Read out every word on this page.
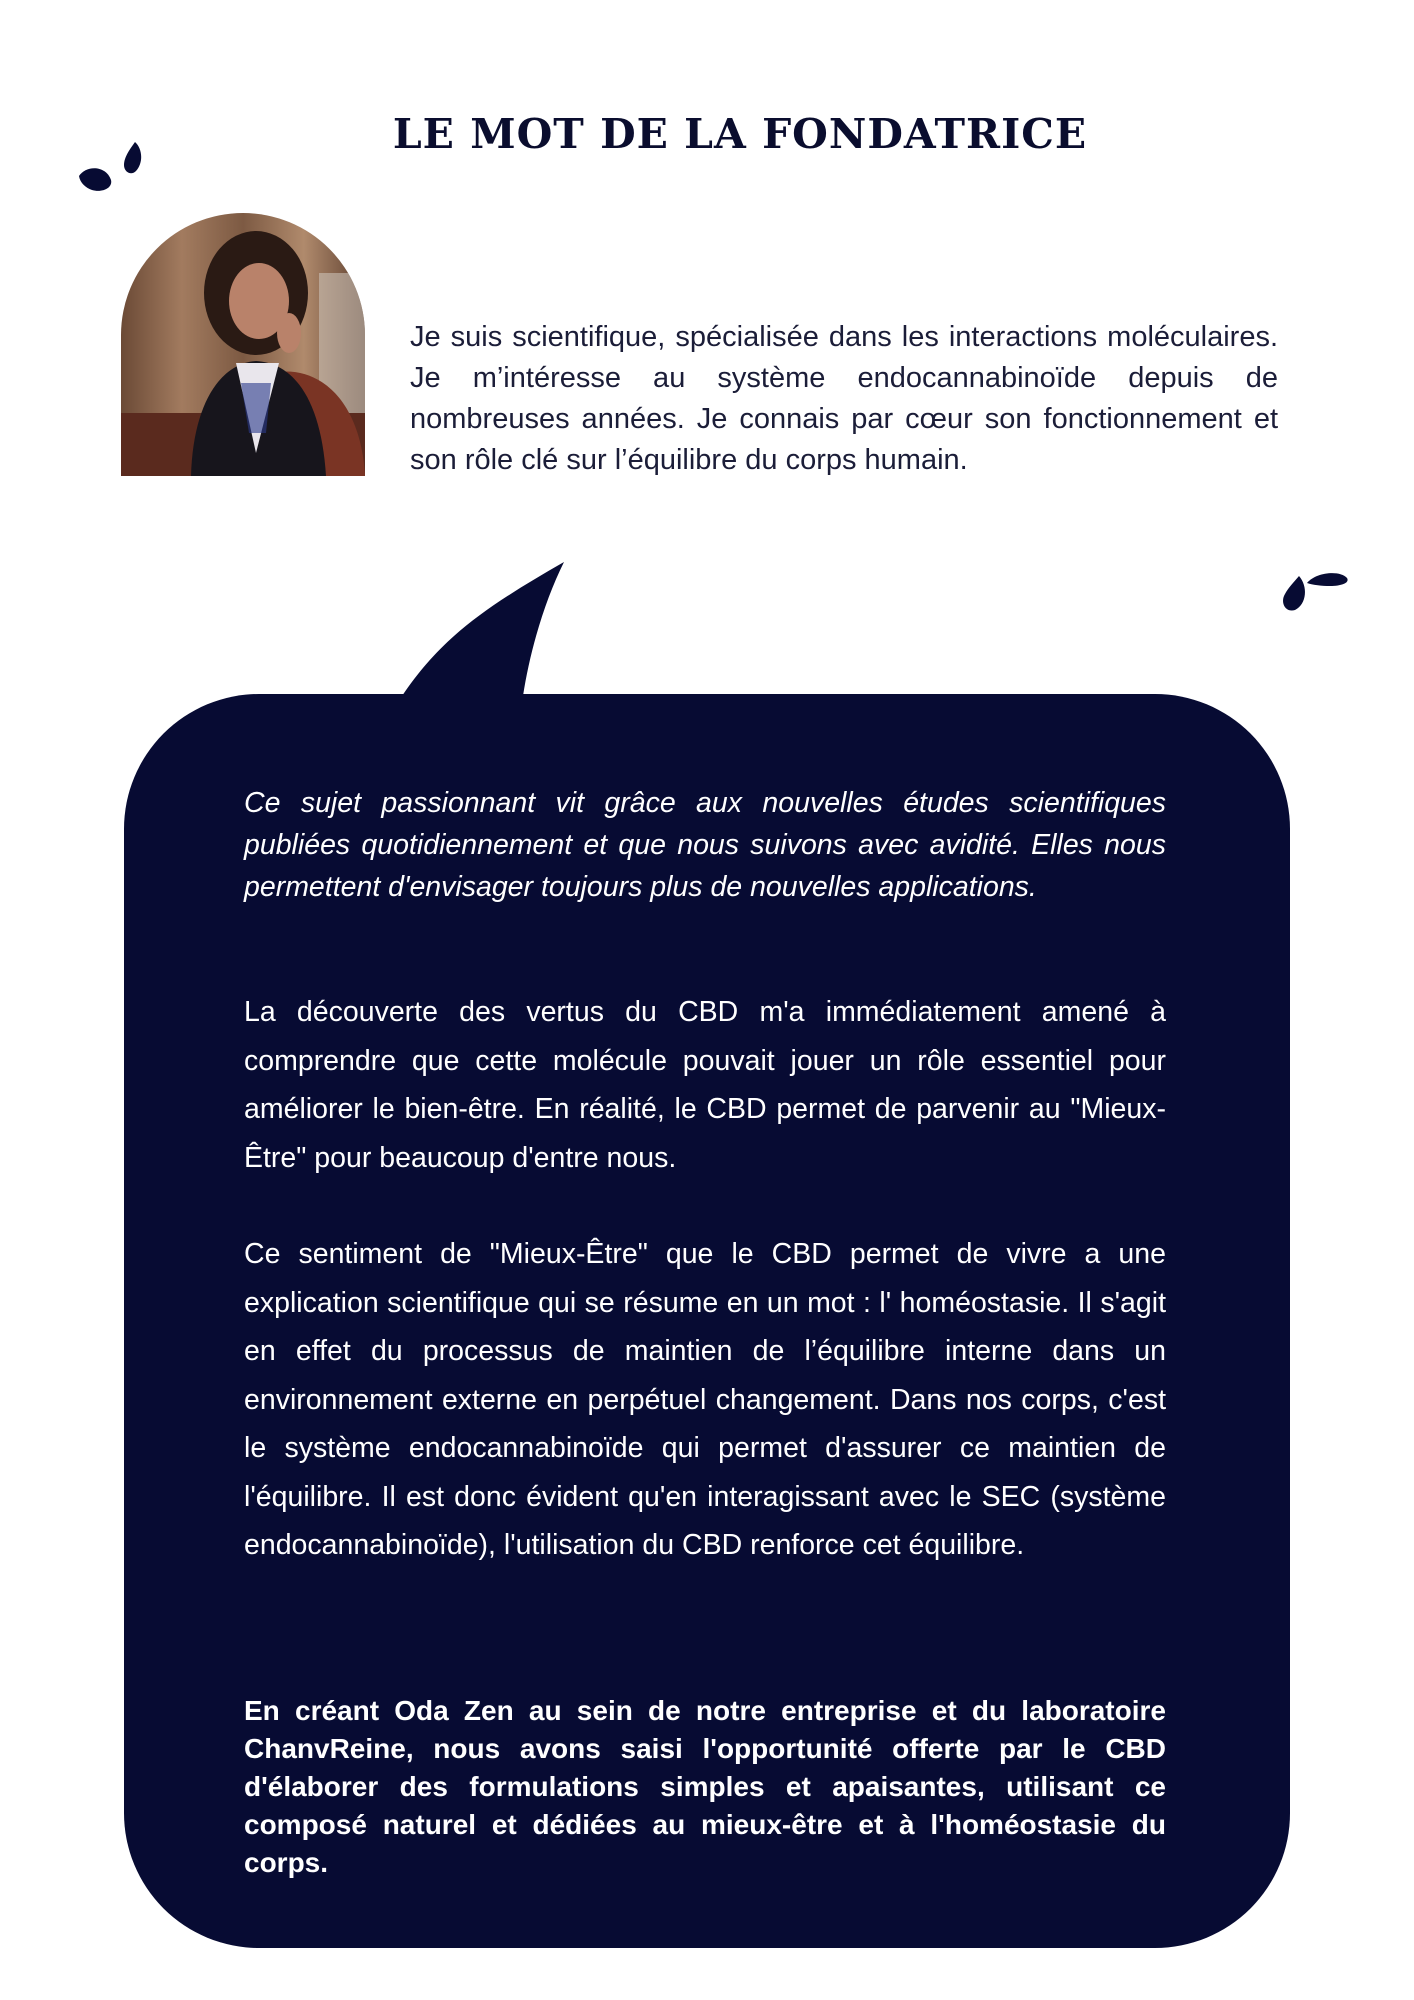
LE MOT DE LA FONDATRICE

Je suis scientifique, spécialisée dans les interactions moléculaires. Je m’intéresse au système endocannabinoïde depuis de nombreuses années. Je connais par cœur son fonctionnement et son rôle clé sur l’équilibre du corps humain.

Ce sujet passionnant vit grâce aux nouvelles études scientifiques publiées quotidiennement et que nous suivons avec avidité. Elles nous permettent d'envisager toujours plus de nouvelles applications.

La découverte des vertus du CBD m'a immédiatement amené à comprendre que cette molécule pouvait jouer un rôle essentiel pour améliorer le bien-être. En réalité, le CBD permet de parvenir au "Mieux-Être" pour beaucoup d'entre nous.

Ce sentiment de "Mieux-Être" que le CBD permet de vivre a une explication scientifique qui se résume en un mot : l' homéostasie. Il s'agit en effet du processus de maintien de l’équilibre interne dans un environnement externe en perpétuel changement. Dans nos corps, c'est le système endocannabinoïde qui permet d'assurer ce maintien de l'équilibre. Il est donc évident qu'en interagissant avec le SEC (système endocannabinoïde), l'utilisation du CBD renforce cet équilibre.

En créant Oda Zen au sein de notre entreprise et du laboratoire ChanvReine, nous avons saisi l'opportunité offerte par le CBD d'élaborer des formulations simples et apaisantes, utilisant ce composé naturel et dédiées au mieux-être et à l'homéostasie du corps.
